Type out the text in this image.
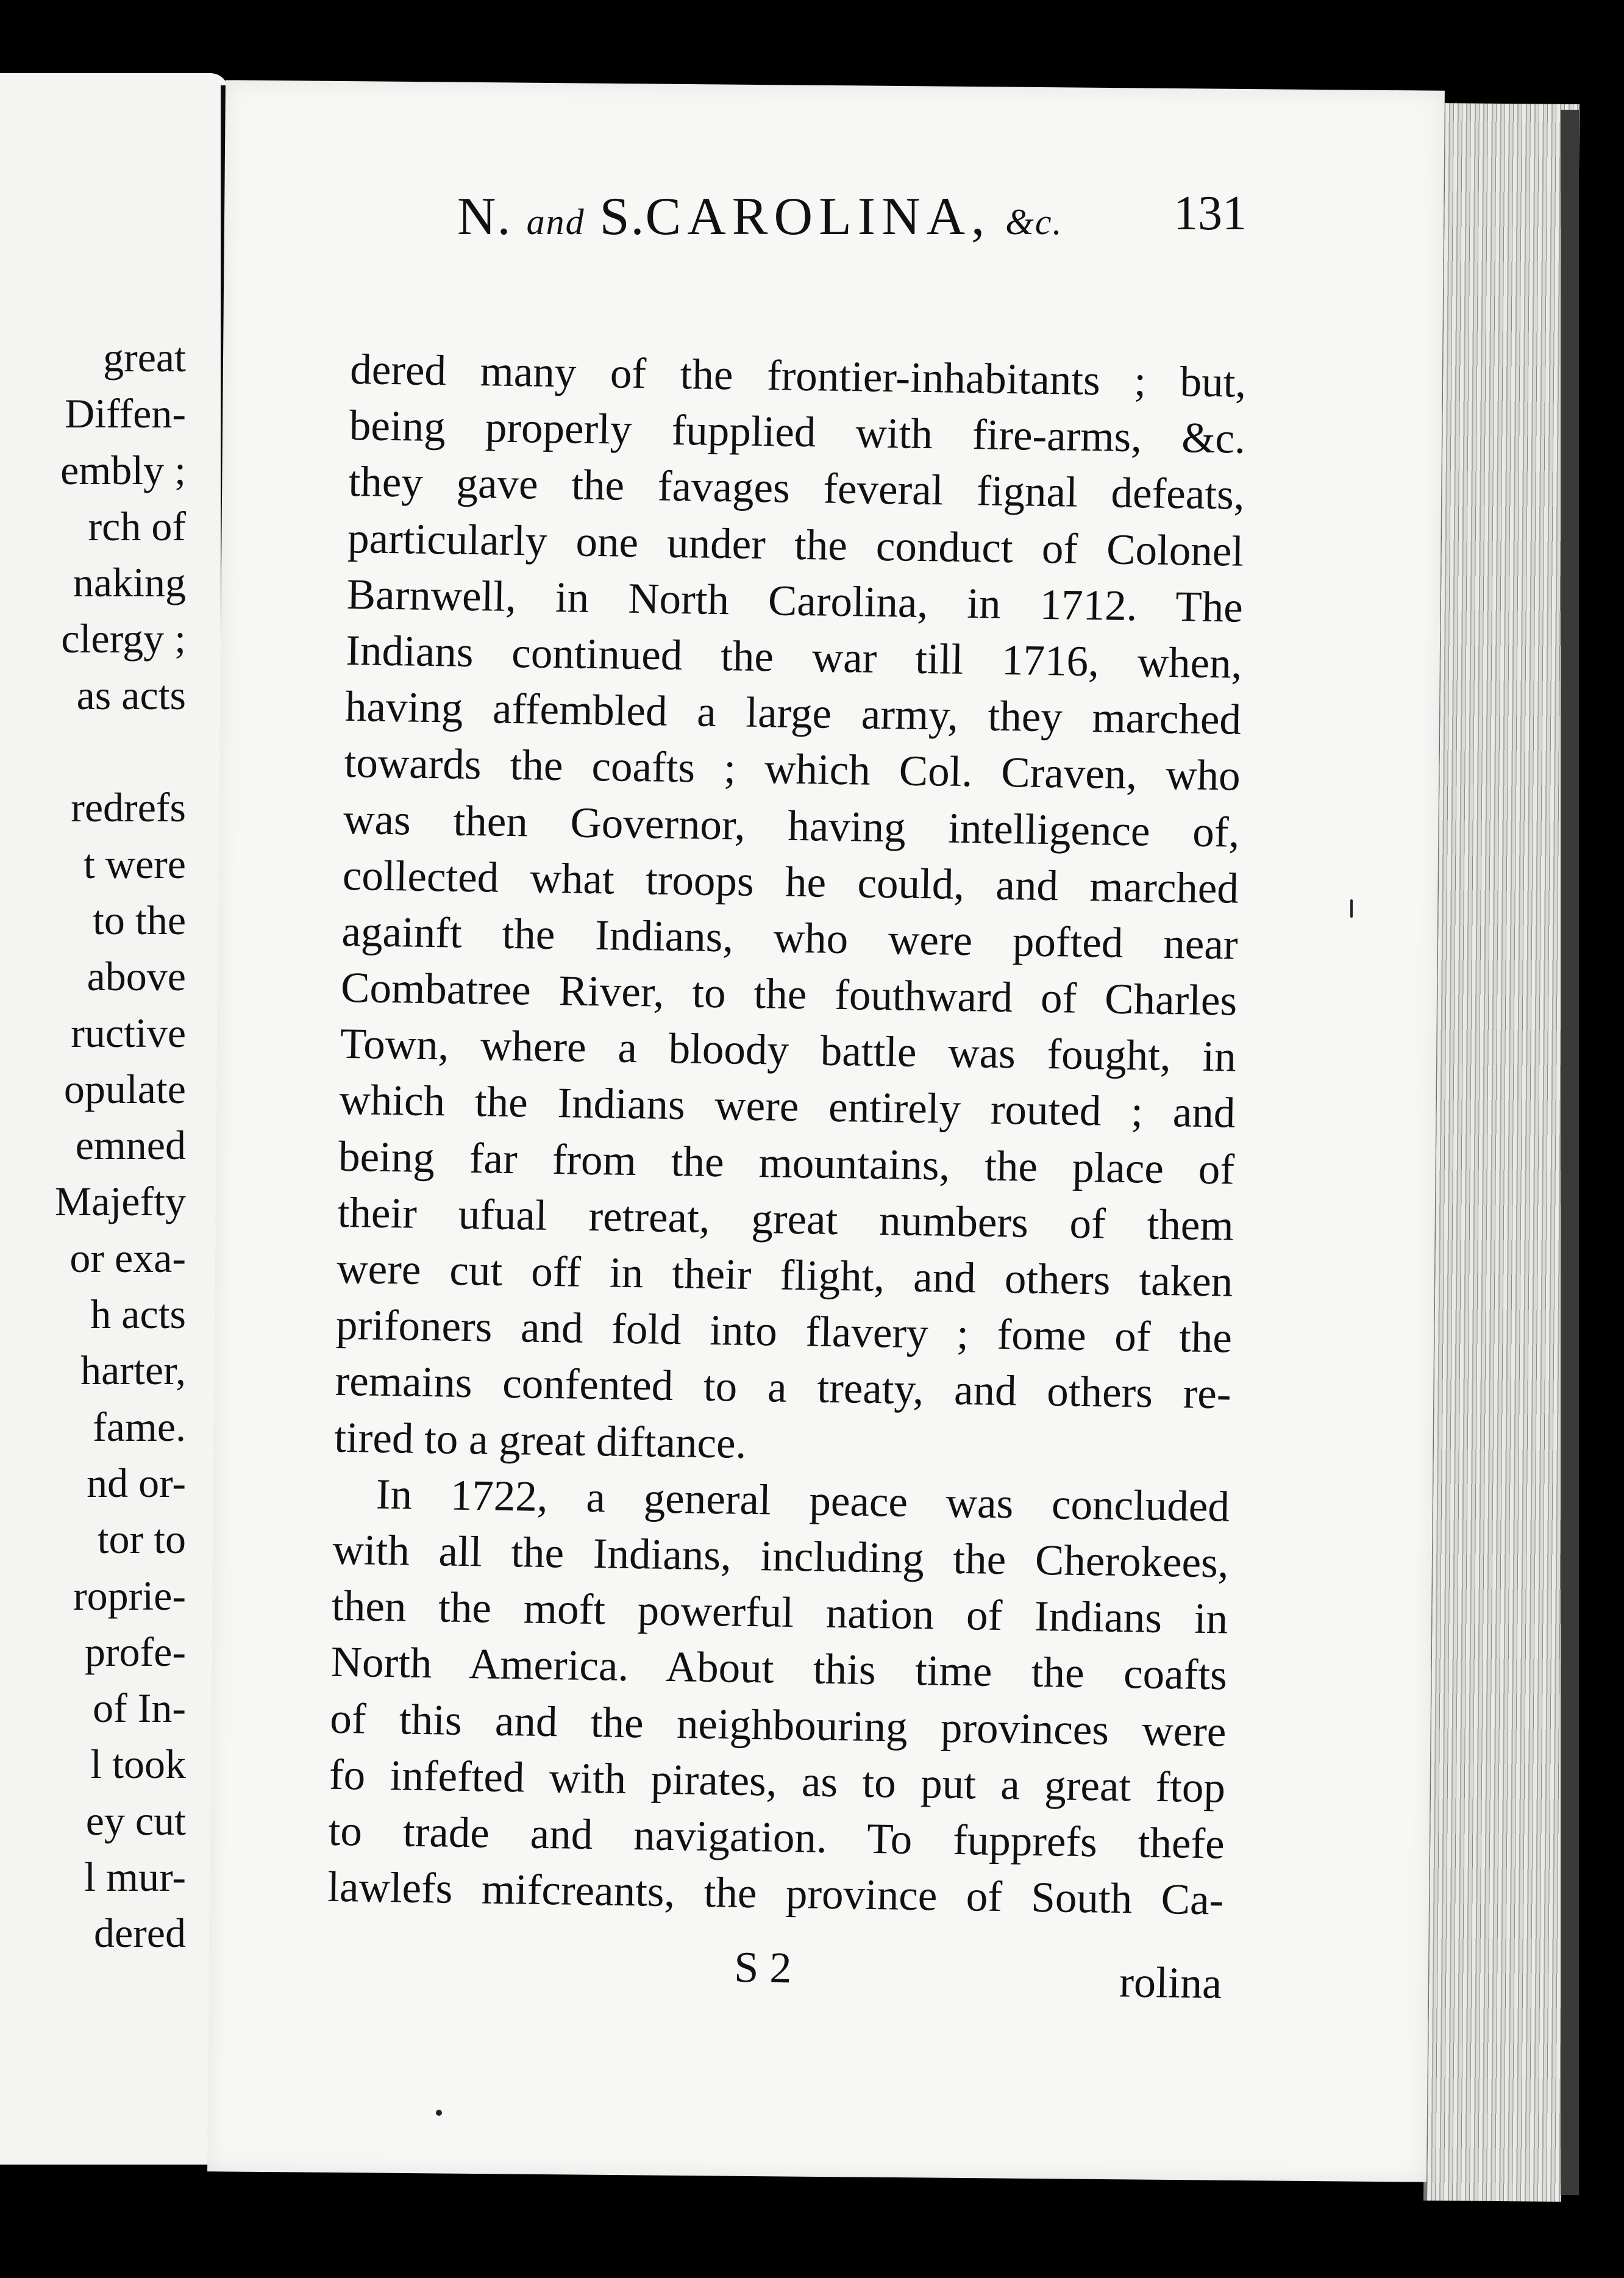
great
Diffen-
embly ;
rch of
naking
clergy ;
as acts

redrefs
t were
to the
above
ructive
opulate
emned
Majefty
or exa-
h acts
harter,
fame.
nd or-
tor to
roprie-
profe-
of In-
l took
ey cut
l mur-
dered
N. and S.CAROLINA, &c. 131
dered many of the frontier-inhabitants ; but,
being properly fupplied with fire-arms, &c.
they gave the favages feveral fignal defeats,
particularly one under the conduct of Colonel
Barnwell, in North Carolina, in 1712. The
Indians continued the war till 1716, when,
having affembled a large army, they marched
towards the coafts ; which Col. Craven, who
was then Governor, having intelligence of,
collected what troops he could, and marched
againft the Indians, who were pofted near
Combatree River, to the fouthward of Charles
Town, where a bloody battle was fought, in
which the Indians were entirely routed ; and
being far from the mountains, the place of
their ufual retreat, great numbers of them
were cut off in their flight, and others taken
prifoners and fold into flavery ; fome of the
remains confented to a treaty, and others re-
tired to a great diftance.
In 1722, a general peace was concluded
with all the Indians, including the Cherokees,
then the moft powerful nation of Indians in
North America. About this time the coafts
of this and the neighbouring provinces were
fo infefted with pirates, as to put a great ftop
to trade and navigation. To fupprefs thefe
lawlefs mifcreants, the province of South Ca-
S 2	rolina
